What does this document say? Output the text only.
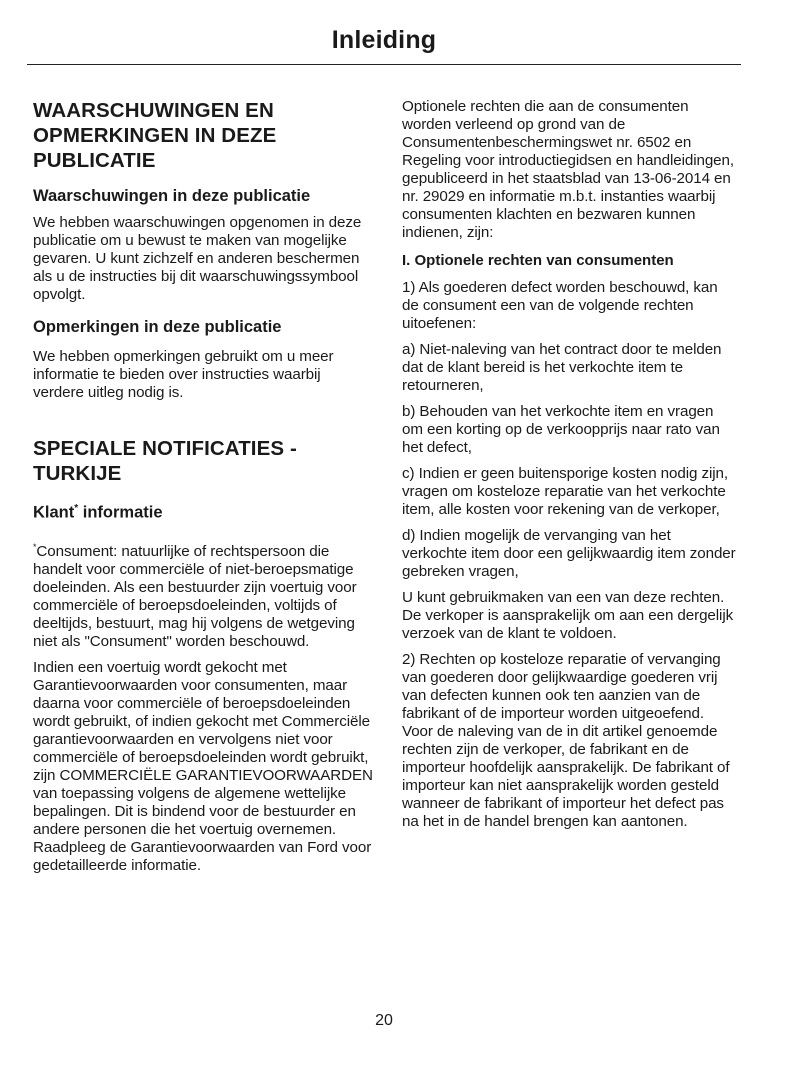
Inleiding
WAARSCHUWINGEN EN OPMERKINGEN IN DEZE PUBLICATIE
Waarschuwingen in deze publicatie

We hebben waarschuwingen opgenomen in deze publicatie om u bewust te maken van mogelijke gevaren. U kunt zichzelf en anderen beschermen als u de instructies bij dit waarschuwingssymbool opvolgt.

Opmerkingen in deze publicatie

We hebben opmerkingen gebruikt om u meer informatie te bieden over instructies waarbij verdere uitleg nodig is.

SPECIALE NOTIFICATIES - TURKIJE
Klant* informatie

*Consument: natuurlijke of rechtspersoon die handelt voor commerciële of niet-beroepsmatige doeleinden. Als een bestuurder zijn voertuig voor commerciële of beroepsdoeleinden, voltijds of deeltijds, bestuurt, mag hij volgens de wetgeving niet als "Consument" worden beschouwd.

Indien een voertuig wordt gekocht met Garantievoorwaarden voor consumenten, maar daarna voor commerciële of beroepsdoeleinden wordt gebruikt, of indien gekocht met Commerciële garantievoorwaarden en vervolgens niet voor commerciële of beroepsdoeleinden wordt gebruikt, zijn COMMERCIËLE GARANTIEVOORWAARDEN van toepassing volgens de algemene wettelijke bepalingen. Dit is bindend voor de bestuurder en andere personen die het voertuig overnemen. Raadpleeg de Garantievoorwaarden van Ford voor gedetailleerde informatie.

Optionele rechten die aan de consumenten worden verleend op grond van de Consumentenbeschermingswet nr. 6502 en Regeling voor introductiegidsen en handleidingen, gepubliceerd in het staatsblad van 13-06-2014 en nr. 29029 en informatie m.b.t. instanties waarbij consumenten klachten en bezwaren kunnen indienen, zijn:

I. Optionele rechten van consumenten

1) Als goederen defect worden beschouwd, kan de consument een van de volgende rechten uitoefenen:

a) Niet-naleving van het contract door te melden dat de klant bereid is het verkochte item te retourneren,

b) Behouden van het verkochte item en vragen om een korting op de verkoopprijs naar rato van het defect,

c) Indien er geen buitensporige kosten nodig zijn, vragen om kosteloze reparatie van het verkochte item, alle kosten voor rekening van de verkoper,

d) Indien mogelijk de vervanging van het verkochte item door een gelijkwaardig item zonder gebreken vragen,

U kunt gebruikmaken van een van deze rechten. De verkoper is aansprakelijk om aan een dergelijk verzoek van de klant te voldoen.

2) Rechten op kosteloze reparatie of vervanging van goederen door gelijkwaardige goederen vrij van defecten kunnen ook ten aanzien van de fabrikant of de importeur worden uitgeoefend. Voor de naleving van de in dit artikel genoemde rechten zijn de verkoper, de fabrikant en de importeur hoofdelijk aansprakelijk. De fabrikant of importeur kan niet aansprakelijk worden gesteld wanneer de fabrikant of importeur het defect pas na het in de handel brengen kan aantonen.

20
